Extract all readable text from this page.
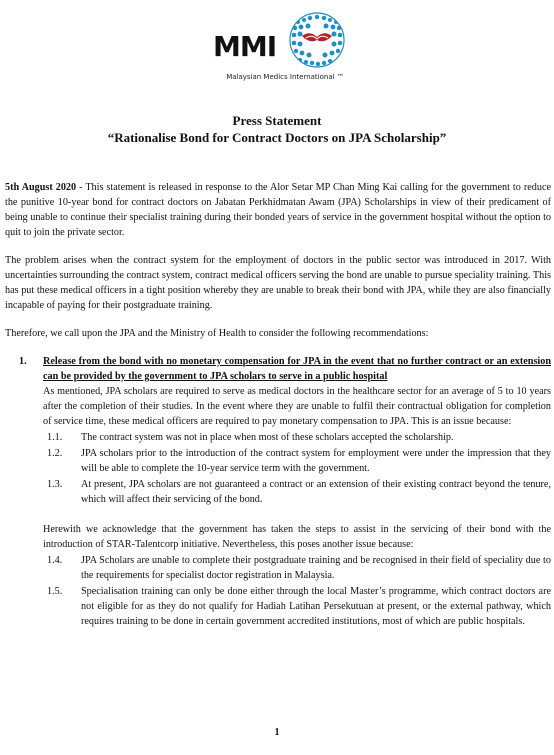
MMI
Malaysian Medics International ™
Press Statement
“Rationalise Bond for Contract Doctors on JPA Scholarship”

5th August 2020 - This statement is released in response to the Alor Setar MP Chan Ming Kai calling for the government to reduce the punitive 10-year bond for contract doctors on Jabatan Perkhidmatan Awam (JPA) Scholarships in view of their predicament of being unable to continue their specialist training during their bonded years of service in the government hospital without the option to quit to join the private sector.

The problem arises when the contract system for the employment of doctors in the public sector was introduced in 2017. With uncertainties surrounding the contract system, contract medical officers serving the bond are unable to pursue speciality training. This has put these medical officers in a tight position whereby they are unable to break their bond with JPA, while they are also financially incapable of paying for their postgraduate training.

Therefore, we call upon the JPA and the Ministry of Health to consider the following recommendations:

1. Release from the bond with no monetary compensation for JPA in the event that no further contract or an extension can be provided by the government to JPA scholars to serve in a public hospital
As mentioned, JPA scholars are required to serve as medical doctors in the healthcare sector for an average of 5 to 10 years after the completion of their studies. In the event where they are unable to fulfil their contractual obligation for completion of service time, these medical officers are required to pay monetary compensation to JPA. This is an issue because:
1.1. The contract system was not in place when most of these scholars accepted the scholarship.
1.2. JPA scholars prior to the introduction of the contract system for employment were under the impression that they will be able to complete the 10-year service term with the government.
1.3. At present, JPA scholars are not guaranteed a contract or an extension of their existing contract beyond the tenure, which will affect their servicing of the bond.
Herewith we acknowledge that the government has taken the steps to assist in the servicing of their bond with the introduction of STAR-Talentcorp initiative. Nevertheless, this poses another issue because:
1.4. JPA Scholars are unable to complete their postgraduate training and be recognised in their field of speciality due to the requirements for specialist doctor registration in Malaysia.
1.5. Specialisation training can only be done either through the local Master’s programme, which contract doctors are not eligible for as they do not qualify for Hadiah Latihan Persekutuan at present, or the external pathway, which requires training to be done in certain government accredited institutions, most of which are public hospitals.
1
